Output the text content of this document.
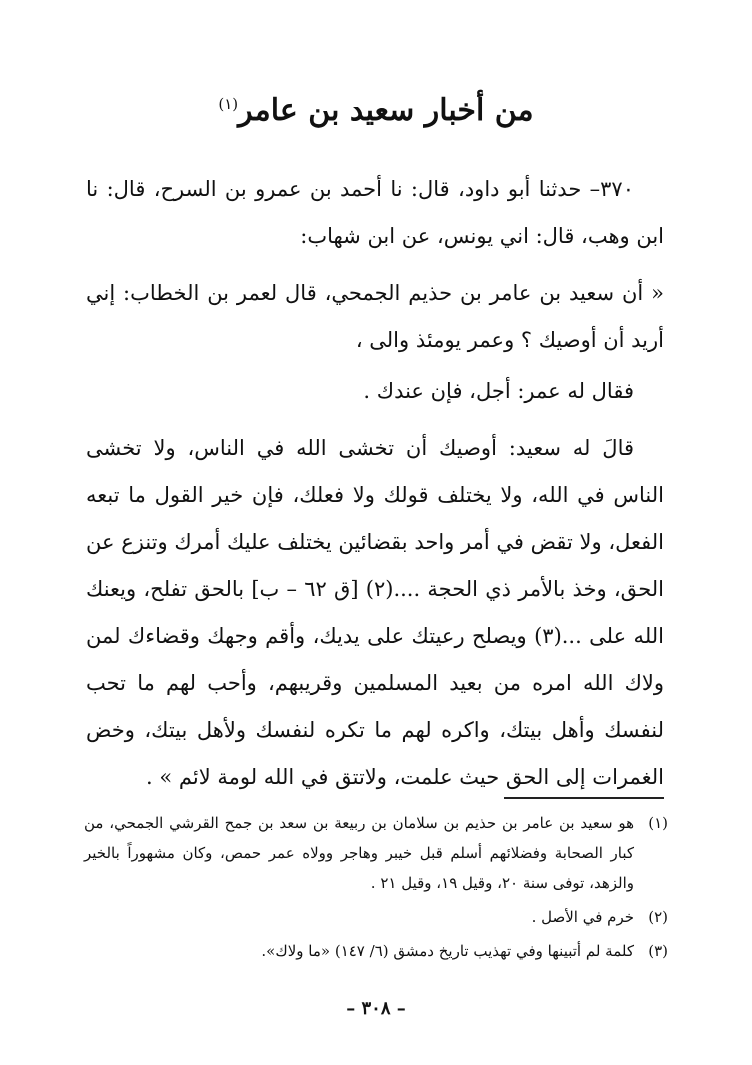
من أخبار سعيد بن عامر$^{(١)}$

٣٧٠– حدثنا أبو داود، قال: نا أحمد بن عمرو بن السرح، قال: نا ابن وهب، قال: اني يونس، عن ابن شهاب:

« أن سعيد بن عامر بن حذيم الجمحي، قال لعمر بن الخطاب: إني أريد أن أوصيك ؟ وعمر يومئذ والى ،

فقال له عمر: أجل، فإن عندك .

قالَ له سعيد: أوصيك أن تخشى الله في الناس، ولا تخشى الناس في الله، ولا يختلف قولك ولا فعلك، فإن خير القول ما تبعه الفعل، ولا تقض في أمر واحد بقضائين يختلف عليك أمرك وتنزع عن الحق، وخذ بالأمر ذي الحجة ....(٢) [ق ٦٢ – ب] بالحق تفلح، ويعنك الله على ...(٣) ويصلح رعيتك على يديك، وأقم وجهك وقضاءك لمن ولاك الله امره من بعيد المسلمين وقريبهم، وأحب لهم ما تحب لنفسك وأهل بيتك، واكره لهم ما تكره لنفسك ولأهل بيتك، وخض الغمرات إلى الحق حيث علمت، ولاتتق في الله لومة لائم » .

(١)
هو سعيد بن عامر بن حذيم بن سلامان بن ربيعة بن سعد بن جمح القرشي الجمحي، من كبار الصحابة وفضلائهم أسلم قبل خيبر وهاجر وولاه عمر حمص، وكان مشهوراً بالخير والزهد، توفى سنة ٢٠، وقيل ١٩، وقيل ٢١ .
(٢)
خرم في الأصل .
(٣)
كلمة لم أتبينها وفي تهذيب تاريخ دمشق (٦/ ١٤٧) «ما ولاك».
– ٣٠٨ –
